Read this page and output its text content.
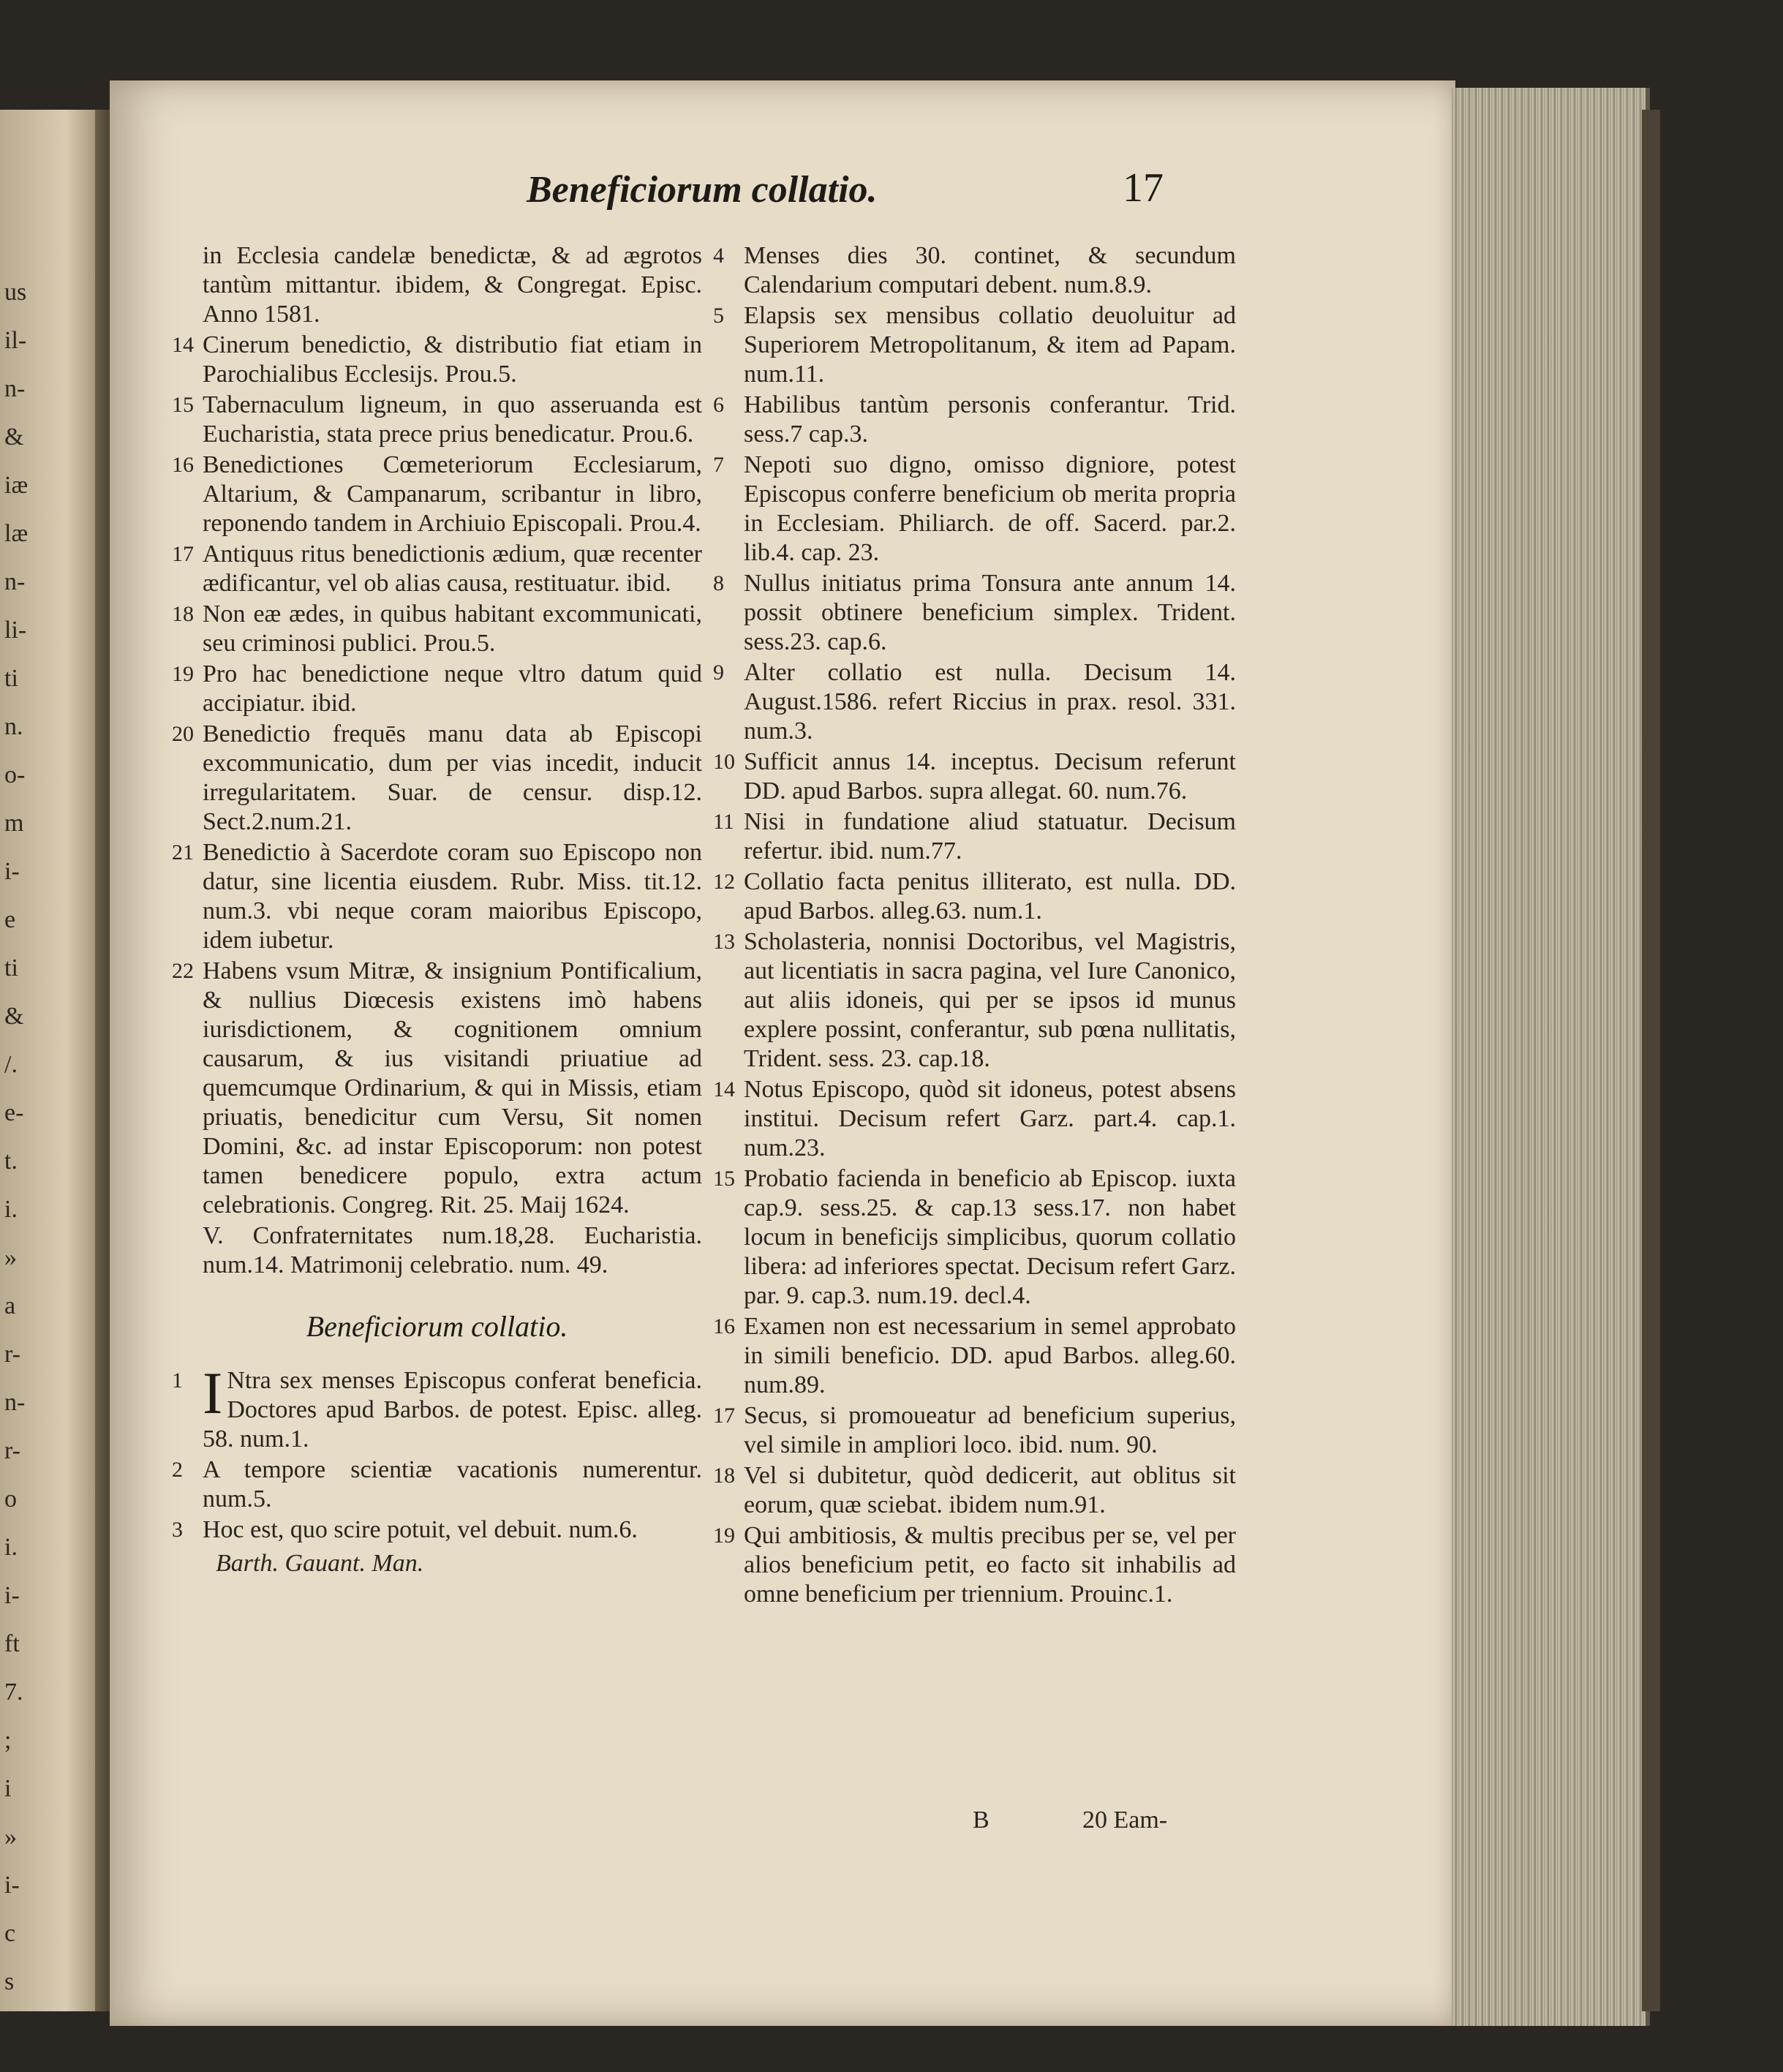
us
il-
n-
&
iæ
læ
n-
li-
ti
n.
o-
m
i-
e
ti
&
/.
e-
t.
i.
»
a
r-
n-
r-
o
i.
i-
ft
7.
;
i
»
i-
c
s
Beneficiorum collatio.	17
in Ecclesia candelæ benedictæ, & ad ægrotos tantùm mittantur. ibidem, & Congregat. Episc. Anno 1581.
14 Cinerum benedictio, & distributio fiat etiam in Parochialibus Ecclesijs. Prou.5.
15 Tabernaculum ligneum, in quo asseruanda est Eucharistia, stata prece prius benedicatur. Prou.6.
16 Benedictiones Cœmeteriorum Ecclesiarum, Altarium, & Campanarum, scribantur in libro, reponendo tandem in Archiuio Episcopali. Prou.4.
17 Antiquus ritus benedictionis ædium, quæ recenter ædificantur, vel ob alias causa, restituatur. ibid.
18 Non eæ ædes, in quibus habitant excommunicati, seu criminosi publici. Prou.5.
19 Pro hac benedictione neque vltro datum quid accipiatur. ibid.
20 Benedictio frequēs manu data ab Episcopi excommunicatio, dum per vias incedit, inducit irregularitatem. Suar. de censur. disp.12. Sect.2.num.21.
21 Benedictio à Sacerdote coram suo Episcopo non datur, sine licentia eiusdem. Rubr. Miss. tit.12. num.3. vbi neque coram maioribus Episcopo, idem iubetur.
22 Habens vsum Mitræ, & insignium Pontificalium, & nullius Diœcesis existens imò habens iurisdictionem, & cognitionem omnium causarum, & ius visitandi priuatiue ad quemcumque Ordinarium, & qui in Missis, etiam priuatis, benedicitur cum Versu, Sit nomen Domini, &c. ad instar Episcoporum: non potest tamen benedicere populo, extra actum celebrationis. Congreg. Rit. 25. Maij 1624.
V. Confraternitates num.18,28. Eucharistia. num.14. Matrimonij celebratio. num. 49.
Beneficiorum collatio.
1 I Ntra sex menses Episcopus conferat beneficia. Doctores apud Barbos. de potest. Episc. alleg. 58. num.1.
2 A tempore scientiæ vacationis numerentur. num.5.
3 Hoc est, quo scire potuit, vel debuit. num.6.
Barth. Gauant. Man.
4 Menses dies 30. continet, & secundum Calendarium computari debent. num.8.9.
5 Elapsis sex mensibus collatio deuoluitur ad Superiorem Metropolitanum, & item ad Papam. num.11.
6 Habilibus tantùm personis conferantur. Trid. sess.7 cap.3.
7 Nepoti suo digno, omisso digniore, potest Episcopus conferre beneficium ob merita propria in Ecclesiam. Philiarch. de off. Sacerd. par.2. lib.4. cap. 23.
8 Nullus initiatus prima Tonsura ante annum 14. possit obtinere beneficium simplex. Trident. sess.23. cap.6.
9 Alter collatio est nulla. Decisum 14. August.1586. refert Riccius in prax. resol. 331. num.3.
10 Sufficit annus 14. inceptus. Decisum referunt DD. apud Barbos. supra allegat. 60. num.76.
11 Nisi in fundatione aliud statuatur. Decisum refertur. ibid. num.77.
12 Collatio facta penitus illiterato, est nulla. DD. apud Barbos. alleg.63. num.1.
13 Scholasteria, nonnisi Doctoribus, vel Magistris, aut licentiatis in sacra pagina, vel Iure Canonico, aut aliis idoneis, qui per se ipsos id munus explere possint, conferantur, sub pœna nullitatis, Trident. sess. 23. cap.18.
14 Notus Episcopo, quòd sit idoneus, potest absens institui. Decisum refert Garz. part.4. cap.1. num.23.
15 Probatio facienda in beneficio ab Episcop. iuxta cap.9. sess.25. & cap.13 sess.17. non habet locum in beneficijs simplicibus, quorum collatio libera: ad inferiores spectat. Decisum refert Garz. par. 9. cap.3. num.19. decl.4.
16 Examen non est necessarium in semel approbato in simili beneficio. DD. apud Barbos. alleg.60. num.89.
17 Secus, si promoueatur ad beneficium superius, vel simile in ampliori loco. ibid. num. 90.
18 Vel si dubitetur, quòd dedicerit, aut oblitus sit eorum, quæ sciebat. ibidem num.91.
19 Qui ambitiosis, & multis precibus per se, vel per alios beneficium petit, eo facto sit inhabilis ad omne beneficium per triennium. Prouinc.1.
B	20 Eam-
